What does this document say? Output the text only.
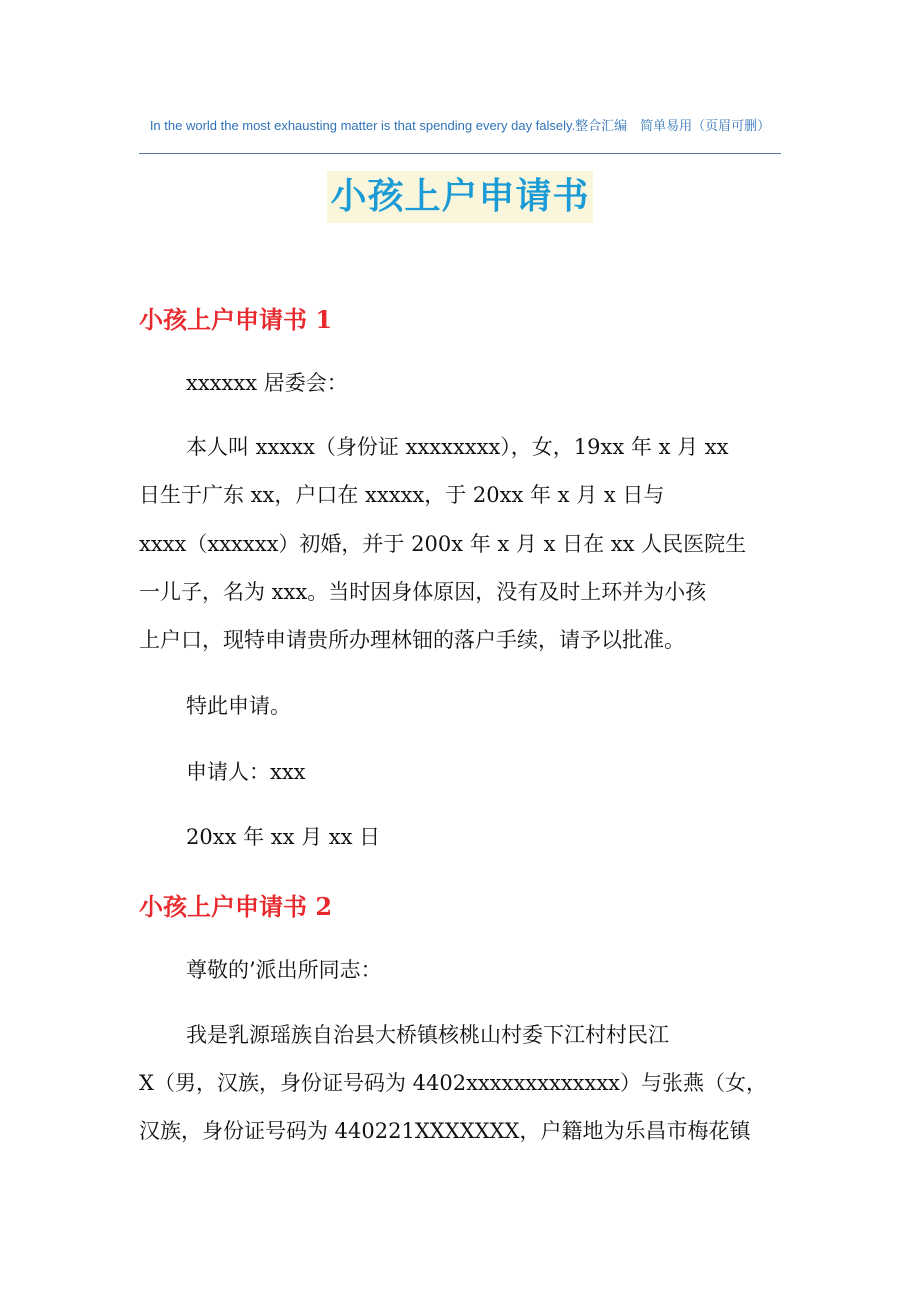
In the world the most exhausting matter is that spending every day falsely.整合汇编　简单易用（页眉可删）
小孩上户申请书
小孩上户申请书 1
xxxxxx 居委会：
本人叫 xxxxx（身份证 xxxxxxxx），女，19xx 年 x 月 xx
日生于广东 xx，户口在 xxxxx，于 20xx 年 x 月 x 日与
xxxx（xxxxxx）初婚，并于 200x 年 x 月 x 日在 xx 人民医院生
一儿子，名为 xxx。当时因身体原因，没有及时上环并为小孩
上户口，现特申请贵所办理林钿的落户手续，请予以批准。
特此申请。
申请人：xxx
20xx 年 xx 月 xx 日
小孩上户申请书 2
尊敬的’派出所同志：
我是乳源瑶族自治县大桥镇核桃山村委下江村村民江
X（男，汉族，身份证号码为 4402xxxxxxxxxxxxx）与张燕（女，
汉族，身份证号码为 440221XXXXXXX，户籍地为乐昌市梅花镇
